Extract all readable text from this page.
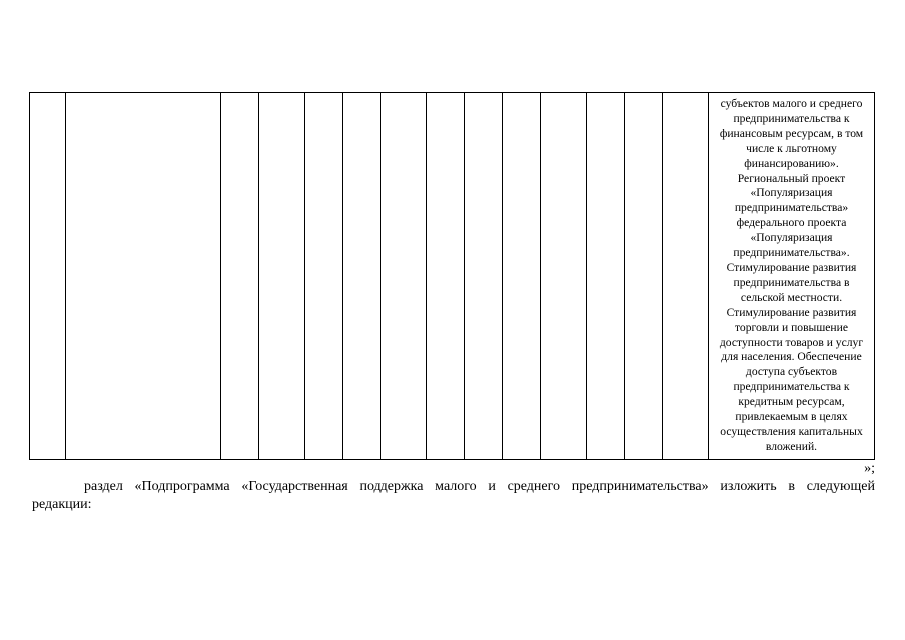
субъектов малого и среднего
предпринимательства к
финансовым ресурсам, в том
числе к льготному
финансированию».
Региональный проект
«Популяризация
предпринимательства»
федерального проекта
«Популяризация
предпринимательства».
Стимулирование развития
предпринимательства в
сельской местности.
Стимулирование развития
торговли и повышение
доступности товаров и услуг
для населения. Обеспечение
доступа субъектов
предпринимательства к
кредитным ресурсам,
привлекаемым в целях
осуществления капитальных
вложений.
»;
раздел «Подпрограмма «Государственная поддержка малого и среднего предпринимательства» изложить в следующей
редакции:
